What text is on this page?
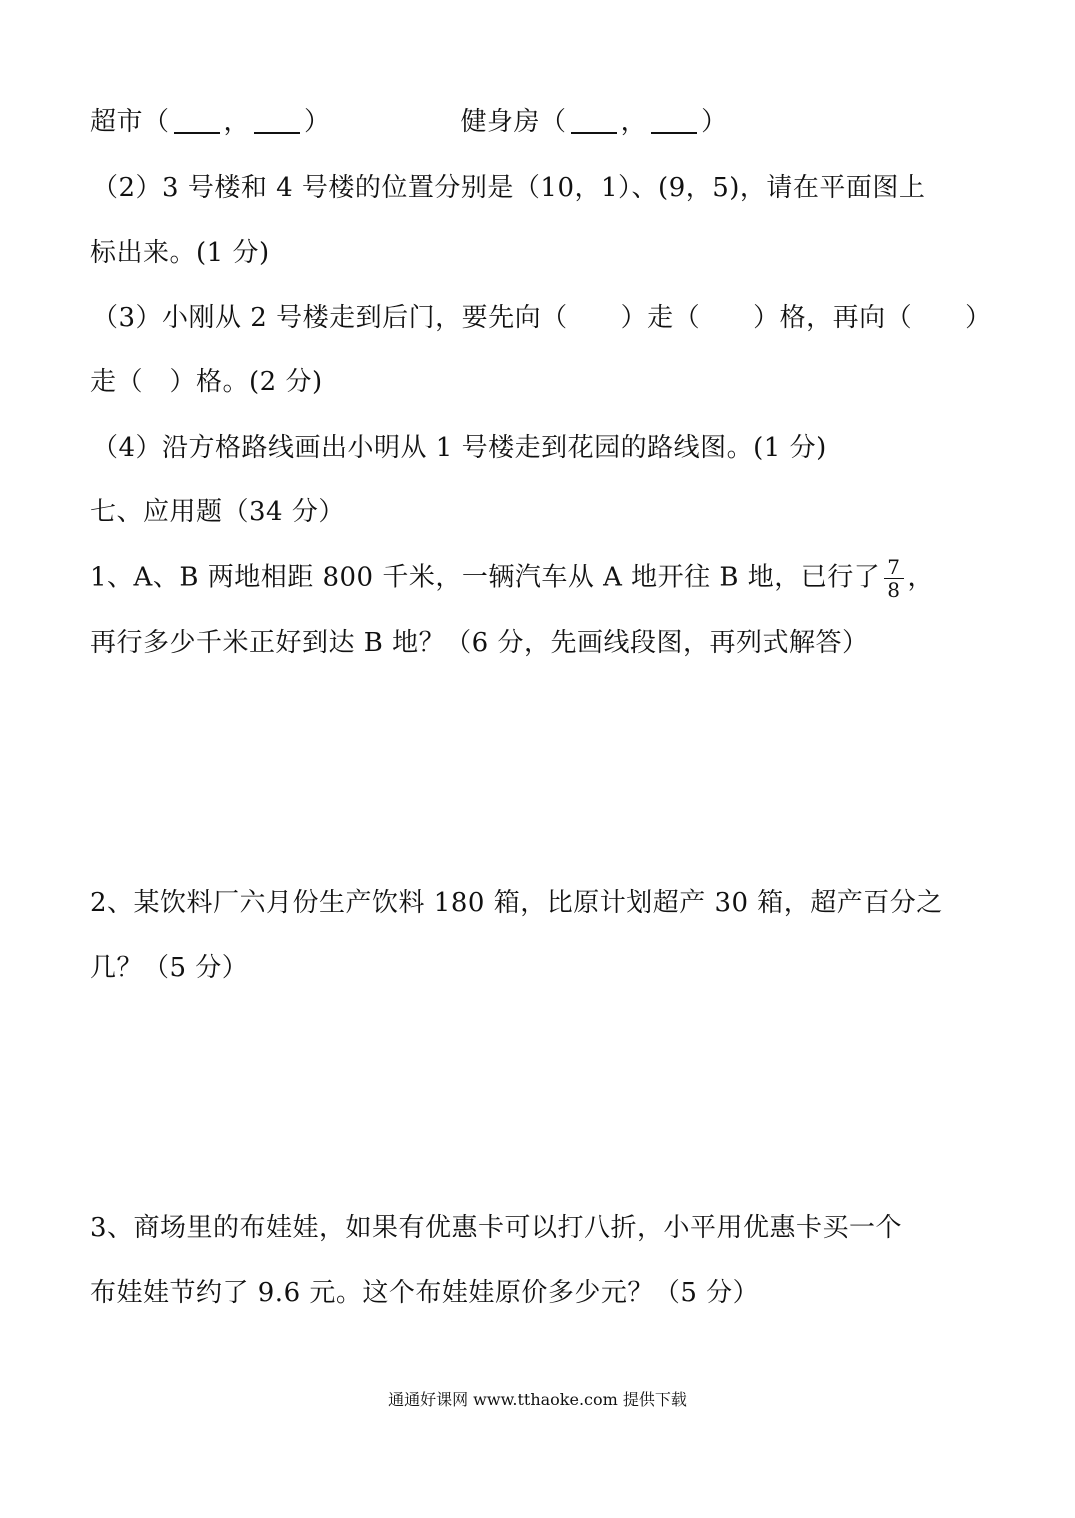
超市（ ， ）	健身房（ ， ）
（2）3 号楼和 4 号楼的位置分别是（10，1）、(9，5)，请在平面图上
标出来。(1 分)
（3）小刚从 2 号楼走到后门，要先向（　　）走（　　）格，再向（　　）
走（　）格。(2 分)
（4）沿方格路线画出小明从 1 号楼走到花园的路线图。(1 分)
七、应用题（34 分）
1、A、B 两地相距 800 千米，一辆汽车从 A 地开往 B 地，已行了 $\frac{7}{8}$ ，
再行多少千米正好到达 B 地？（6 分，先画线段图，再列式解答）
2、某饮料厂六月份生产饮料 180 箱，比原计划超产 30 箱，超产百分之
几？（5 分）
3、商场里的布娃娃，如果有优惠卡可以打八折，小平用优惠卡买一个
布娃娃节约了 9.6 元。这个布娃娃原价多少元？（5 分）
通通好课网 www.tthaoke.com 提供下载
